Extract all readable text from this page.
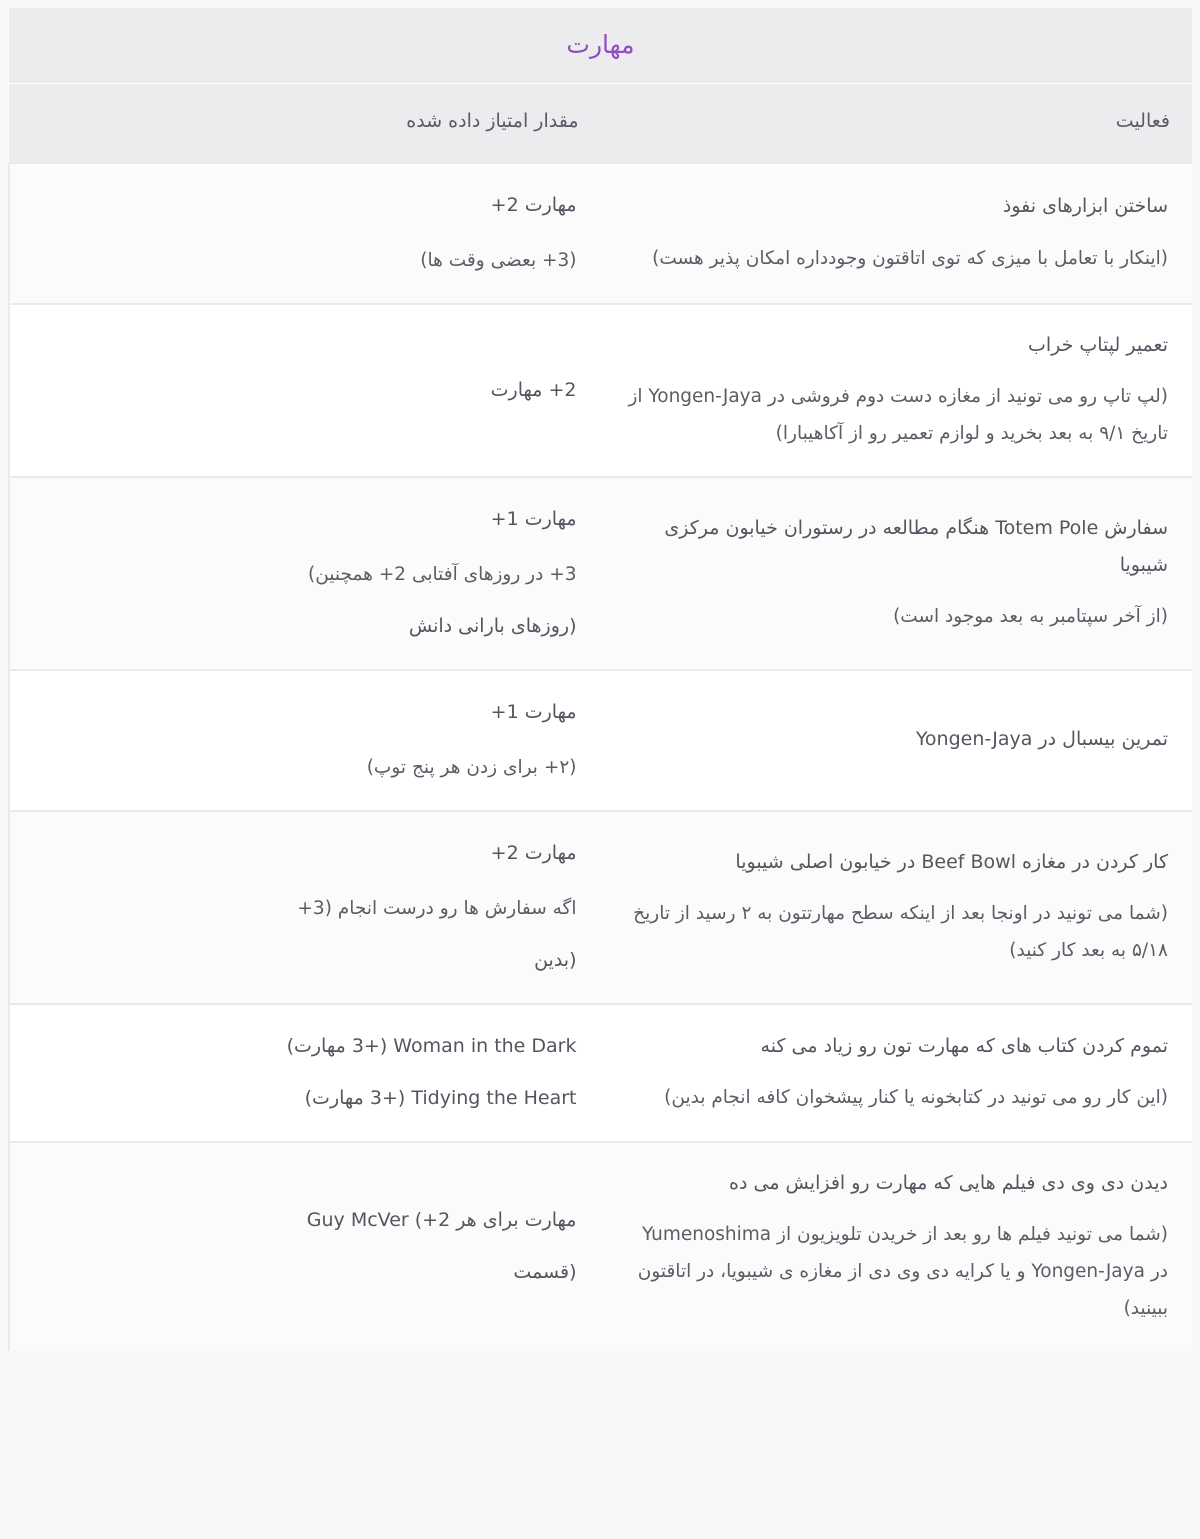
مهارت	
فعالیت	مقدار امتیاز داده شده
ساختن ابزارهای نفوذ
(اینکار با تعامل با میزی که توی اتاقتون وجودداره امکان پذیر هست)	مهارت 2+
(3+ بعضی وقت ها)

تعمیر لپتاپ خراب
(لپ تاپ رو می تونید از مغازه دست دوم فروشی در Yongen-Jaya از تاریخ ۹/۱ به بعد بخرید و لوازم تعمیر رو از آکاهیبارا)	2+ مهارت
سفارش Totem Pole هنگام مطالعه در رستوران خیابون مرکزی شیبویا
(از آخر سپتامبر به بعد موجود است)	مهارت 1+
3+ در روزهای آفتابی 2+ همچنین)
(روزهای بارانی دانش

تمرین بیسبال در Yongen-Jaya	مهارت 1+
(۲+ برای زدن هر پنج توپ)

کار کردن در مغازه Beef Bowl در خیابون اصلی شیبویا
(شما می تونید در اونجا بعد از اینکه سطح مهارتتون به ۲ رسید از تاریخ ۵/۱۸ به بعد کار کنید)	مهارت 2+
اگه سفارش ها رو درست انجام (3+
(بدین

تموم کردن کتاب های که مهارت تون رو زیاد می کنه
(این کار رو می تونید در کتابخونه یا کنار پیشخوان کافه انجام بدین)	Woman in the Dark (+3 مهارت)
Tidying the Heart (+3 مهارت)

دیدن دی وی دی فیلم هایی که مهارت رو افزایش می ده
(شما می تونید فیلم ها رو بعد از خریدن تلویزیون از Yumenoshima در Yongen-Jaya و یا کرایه دی وی دی از مغازه ی شیبویا، در اتاقتون ببینید)	مهارت برای هر Guy McVer (+2
(قسمت
